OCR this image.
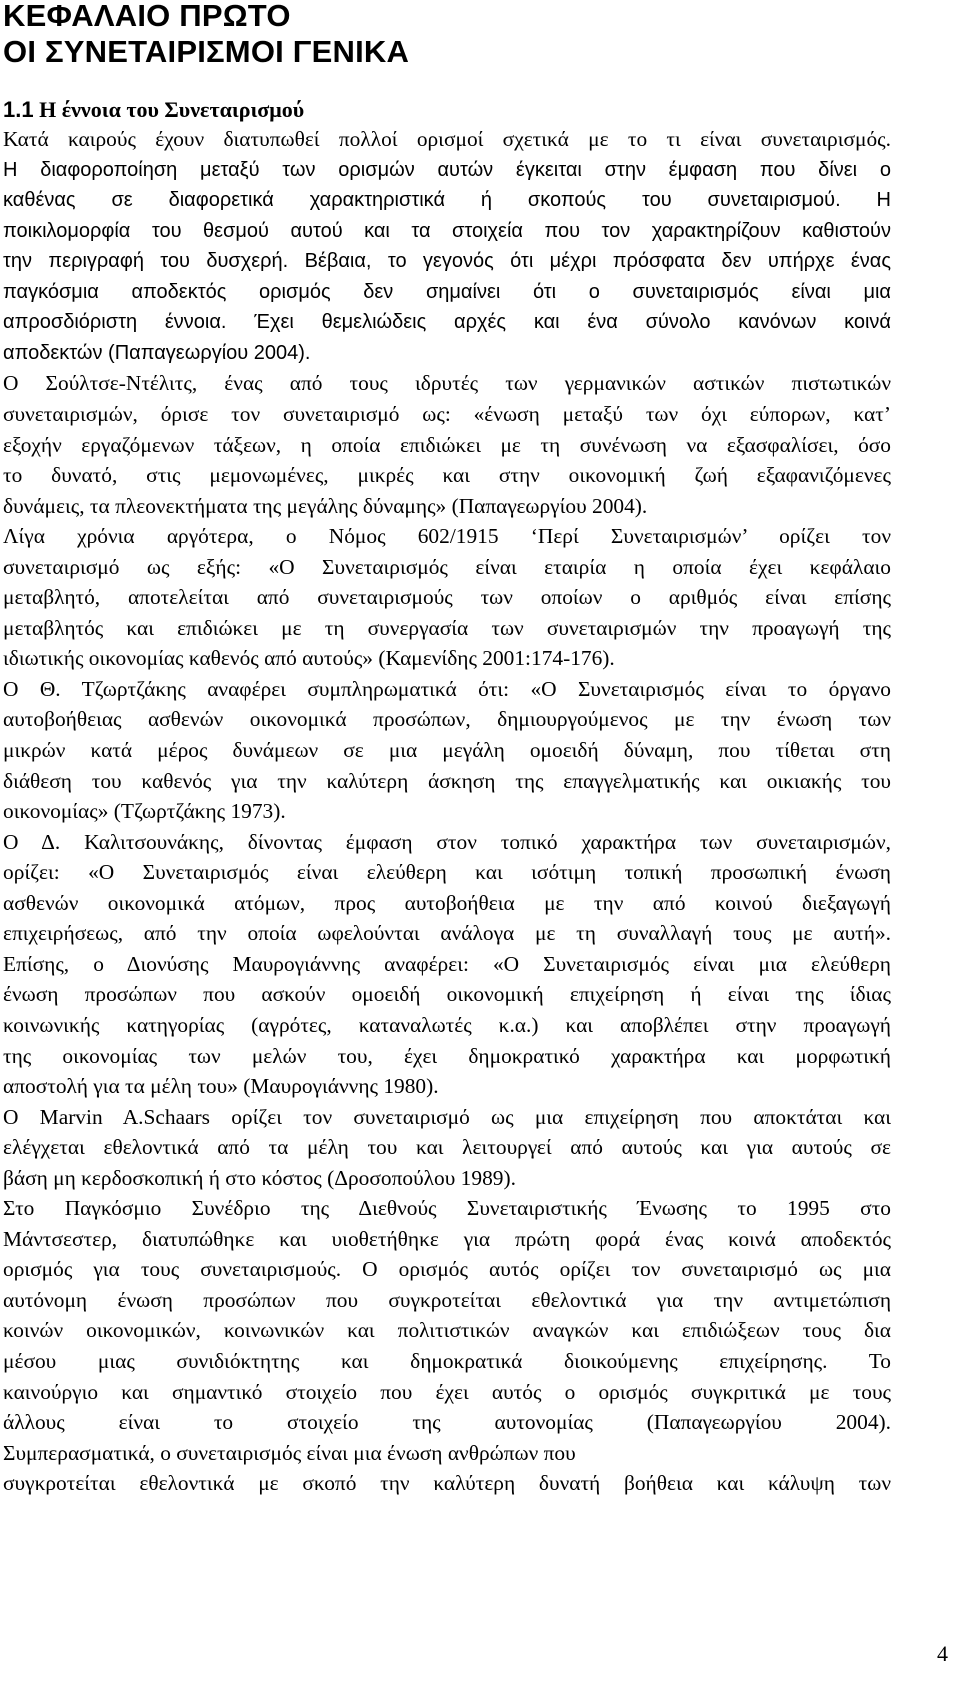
ΚΕΦΑΛΑΙΟ ΠΡΩΤΟ
ΟΙ ΣΥΝΕΤΑΙΡΙΣΜΟΙ ΓΕΝΙΚΑ
1.1 Η έννοια του Συνεταιρισμού
Κατά καιρούς έχουν διατυπωθεί πολλοί ορισμοί σχετικά με το τι είναι συνεταιρισμός.
Η διαφοροποίηση μεταξύ των ορισμών αυτών έγκειται στην έμφαση που δίνει ο
καθένας σε διαφορετικά χαρακτηριστικά ή σκοπούς του συνεταιρισμού. Η
ποικιλομορφία του θεσμού αυτού και τα στοιχεία που τον χαρακτηρίζουν καθιστούν
την περιγραφή του δυσχερή. Βέβαια, το γεγονός ότι μέχρι πρόσφατα δεν υπήρχε ένας
παγκόσμια αποδεκτός ορισμός δεν σημαίνει ότι ο συνεταιρισμός είναι μια
απροσδιόριστη έννοια. Έχει θεμελιώδεις αρχές και ένα σύνολο κανόνων κοινά
αποδεκτών (Παπαγεωργίου 2004).
Ο Σούλτσε-Ντέλιτς, ένας από τους ιδρυτές των γερμανικών αστικών πιστωτικών
συνεταιρισμών, όρισε τον συνεταιρισμό ως: «ένωση μεταξύ των όχι εύπορων, κατ’
εξοχήν εργαζόμενων τάξεων, η οποία επιδιώκει με τη συνένωση να εξασφαλίσει, όσο
το δυνατό, στις μεμονωμένες, μικρές και στην οικονομική ζωή εξαφανιζόμενες
δυνάμεις, τα πλεονεκτήματα της μεγάλης δύναμης» (Παπαγεωργίου 2004).
Λίγα χρόνια αργότερα, ο Νόμος 602/1915 ‘Περί Συνεταιρισμών’ ορίζει τον
συνεταιρισμό ως εξής: «Ο Συνεταιρισμός είναι εταιρία η οποία έχει κεφάλαιο
μεταβλητό, αποτελείται από συνεταιρισμούς των οποίων ο αριθμός είναι επίσης
μεταβλητός και επιδιώκει με τη συνεργασία των συνεταιρισμών την προαγωγή της
ιδιωτικής οικονομίας καθενός από αυτούς» (Καμενίδης 2001:174-176).
Ο Θ. Τζωρτζάκης αναφέρει συμπληρωματικά ότι: «Ο Συνεταιρισμός είναι το όργανο
αυτοβοήθειας ασθενών οικονομικά προσώπων, δημιουργούμενος με την ένωση των
μικρών κατά μέρος δυνάμεων σε μια μεγάλη ομοειδή δύναμη, που τίθεται στη
διάθεση του καθενός για την καλύτερη άσκηση της επαγγελματικής και οικιακής του
οικονομίας» (Τζωρτζάκης 1973).
Ο Δ. Καλιτσουνάκης, δίνοντας έμφαση στον τοπικό χαρακτήρα των συνεταιρισμών,
ορίζει: «Ο Συνεταιρισμός είναι ελεύθερη και ισότιμη τοπική προσωπική ένωση
ασθενών οικονομικά ατόμων, προς αυτοβοήθεια με την από κοινού διεξαγωγή
επιχειρήσεως, από την οποία ωφελούνται ανάλογα με τη συναλλαγή τους με αυτή».
Επίσης, ο Διονύσης Μαυρογιάννης αναφέρει: «Ο Συνεταιρισμός είναι μια ελεύθερη
ένωση προσώπων που ασκούν ομοειδή οικονομική επιχείρηση ή είναι της ίδιας
κοινωνικής κατηγορίας (αγρότες, καταναλωτές κ.α.) και αποβλέπει στην προαγωγή
της οικονομίας των μελών του, έχει δημοκρατικό χαρακτήρα και μορφωτική
αποστολή για τα μέλη του» (Μαυρογιάννης 1980).
Ο Marvin A.Schaars ορίζει τον συνεταιρισμό ως μια επιχείρηση που αποκτάται και
ελέγχεται εθελοντικά από τα μέλη του και λειτουργεί από αυτούς και για αυτούς σε
βάση μη κερδοσκοπική ή στο κόστος (Δροσοπούλου 1989).
Στο Παγκόσμιο Συνέδριο της Διεθνούς Συνεταιριστικής Ένωσης το 1995 στο
Μάντσεστερ, διατυπώθηκε και υιοθετήθηκε για πρώτη φορά ένας κοινά αποδεκτός
ορισμός για τους συνεταιρισμούς. Ο ορισμός αυτός ορίζει τον συνεταιρισμό ως μια
αυτόνομη ένωση προσώπων που συγκροτείται εθελοντικά για την αντιμετώπιση
κοινών οικονομικών, κοινωνικών και πολιτιστικών αναγκών και επιδιώξεων τους δια
μέσου μιας συνιδιόκτητης και δημοκρατικά διοικούμενης επιχείρησης. Το
καινούργιο και σημαντικό στοιχείο που έχει αυτός ο ορισμός συγκριτικά με τους
άλλους είναι το στοιχείο της αυτονομίας (Παπαγεωργίου 2004).
Συμπερασματικά, ο συνεταιρισμός είναι μια ένωση ανθρώπων που
συγκροτείται εθελοντικά με σκοπό την καλύτερη δυνατή βοήθεια και κάλυψη των
4
